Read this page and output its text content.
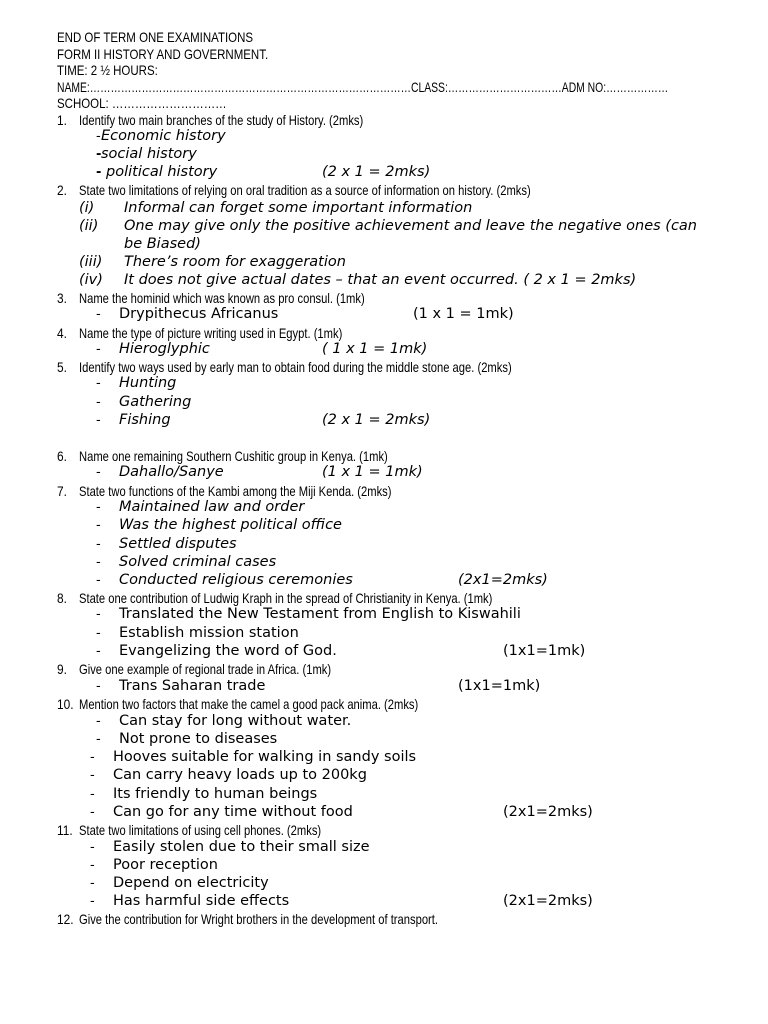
END OF TERM ONE EXAMINATIONS
FORM II HISTORY AND GOVERNMENT.
TIME: 2 ½ HOURS:
NAME:…………………………………………………………………………………CLASS:……………………………ADM NO:………………
SCHOOL: …………………………
1. Identify two main branches of the study of History. (2mks)
- Economic history
- social history
- political history	(2 x 1 = 2mks)
2. State two limitations of relying on oral tradition as a source of information on history. (2mks)
(i) Informal can forget some important information
(ii) One may give only the positive achievement and leave the negative ones (can
be Biased)
(iii) There’s room for exaggeration
(iv) It does not give actual dates – that an event occurred. ( 2 x 1 = 2mks)
3. Name the hominid which was known as pro consul. (1mk)
- Drypithecus Africanus	(1 x 1 = 1mk)
4. Name the type of picture writing used in Egypt. (1mk)
- Hieroglyphic	( 1 x 1 = 1mk)
5. Identify two ways used by early man to obtain food during the middle stone age. (2mks)
- Hunting
- Gathering
- Fishing	(2 x 1 = 2mks)
6. Name one remaining Southern Cushitic group in Kenya. (1mk)
- Dahallo/Sanye	(1 x 1 = 1mk)
7. State two functions of the Kambi among the Miji Kenda. (2mks)
- Maintained law and order
- Was the highest political office
- Settled disputes
- Solved criminal cases
- Conducted religious ceremonies	(2x1=2mks)
8. State one contribution of Ludwig Kraph in the spread of Christianity in Kenya. (1mk)
- Translated the New Testament from English to Kiswahili
- Establish mission station
- Evangelizing the word of God.	(1x1=1mk)
9. Give one example of regional trade in Africa. (1mk)
- Trans Saharan trade	(1x1=1mk)
10. Mention two factors that make the camel a good pack anima. (2mks)
- Can stay for long without water.
- Not prone to diseases
- Hooves suitable for walking in sandy soils
- Can carry heavy loads up to 200kg
- Its friendly to human beings
- Can go for any time without food	(2x1=2mks)
11. State two limitations of using cell phones. (2mks)
- Easily stolen due to their small size
- Poor reception
- Depend on electricity
- Has harmful side effects	(2x1=2mks)
12. Give the contribution for Wright brothers in the development of transport.
